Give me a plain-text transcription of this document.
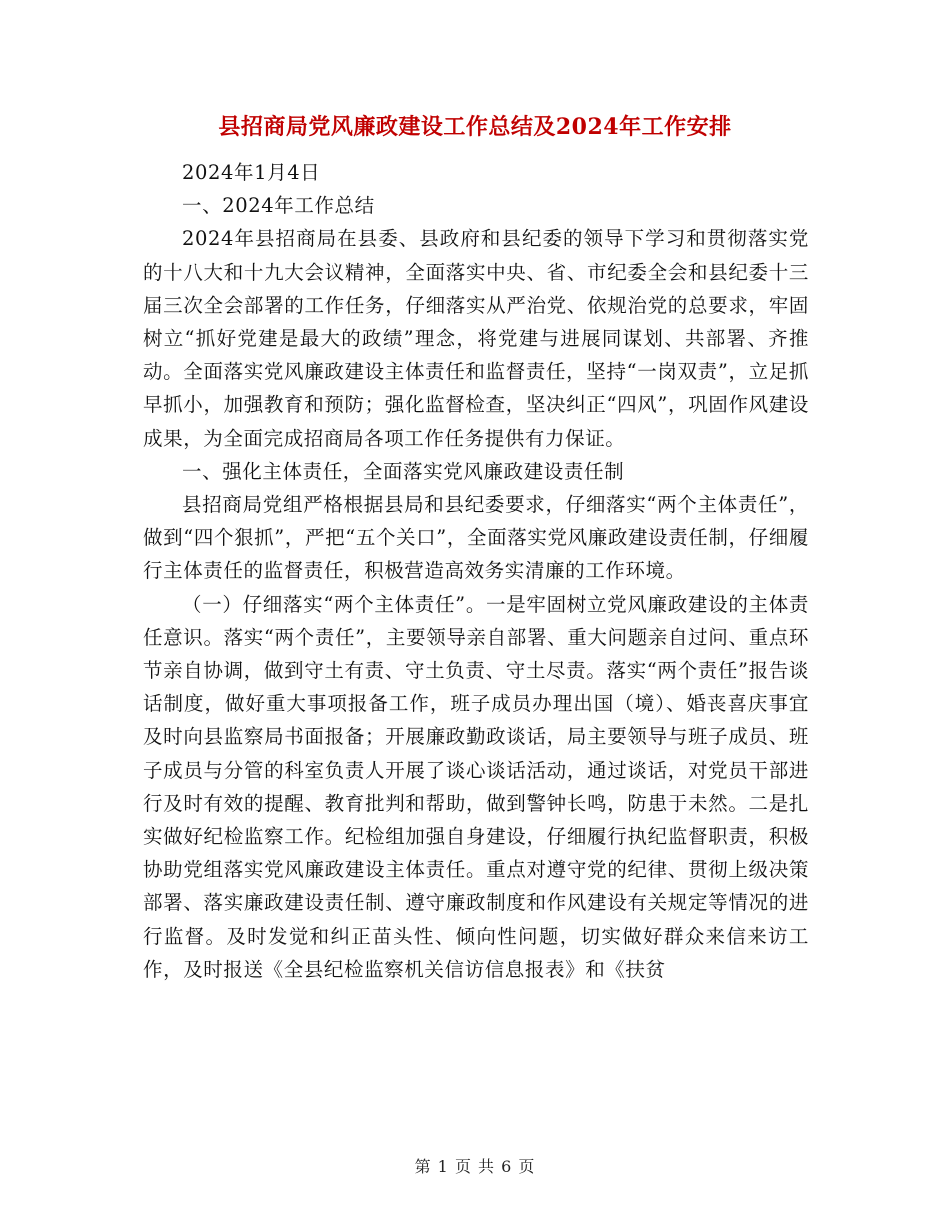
县招商局党风廉政建设工作总结及2024年工作安排

2024年1月4日

一、2024年工作总结

2024年县招商局在县委、县政府和县纪委的领导下学习和贯彻落实党的十八大和十九大会议精神，全面落实中央、省、市纪委全会和县纪委十三届三次全会部署的工作任务，仔细落实从严治党、依规治党的总要求，牢固树立“抓好党建是最大的政绩”理念，将党建与进展同谋划、共部署、齐推动。全面落实党风廉政建设主体责任和监督责任，坚持“一岗双责”，立足抓早抓小，加强教育和预防；强化监督检查，坚决纠正“四风”，巩固作风建设成果，为全面完成招商局各项工作任务提供有力保证。

一、强化主体责任，全面落实党风廉政建设责任制

县招商局党组严格根据县局和县纪委要求，仔细落实“两个主体责任”，做到“四个狠抓”，严把“五个关口”，全面落实党风廉政建设责任制，仔细履行主体责任的监督责任，积极营造高效务实清廉的工作环境。

（一）仔细落实“两个主体责任”。一是牢固树立党风廉政建设的主体责任意识。落实“两个责任”，主要领导亲自部署、重大问题亲自过问、重点环节亲自协调，做到守土有责、守土负责、守土尽责。落实“两个责任”报告谈话制度，做好重大事项报备工作，班子成员办理出国（境）、婚丧喜庆事宜及时向县监察局书面报备；开展廉政勤政谈话，局主要领导与班子成员、班子成员与分管的科室负责人开展了谈心谈话活动，通过谈话，对党员干部进行及时有效的提醒、教育批判和帮助，做到警钟长鸣，防患于未然。二是扎实做好纪检监察工作。纪检组加强自身建设，仔细履行执纪监督职责，积极协助党组落实党风廉政建设主体责任。重点对遵守党的纪律、贯彻上级决策部署、落实廉政建设责任制、遵守廉政制度和作风建设有关规定等情况的进行监督。及时发觉和纠正苗头性、倾向性问题，切实做好群众来信来访工作，及时报送《全县纪检监察机关信访信息报表》和《扶贫

第 1 页 共 6 页
